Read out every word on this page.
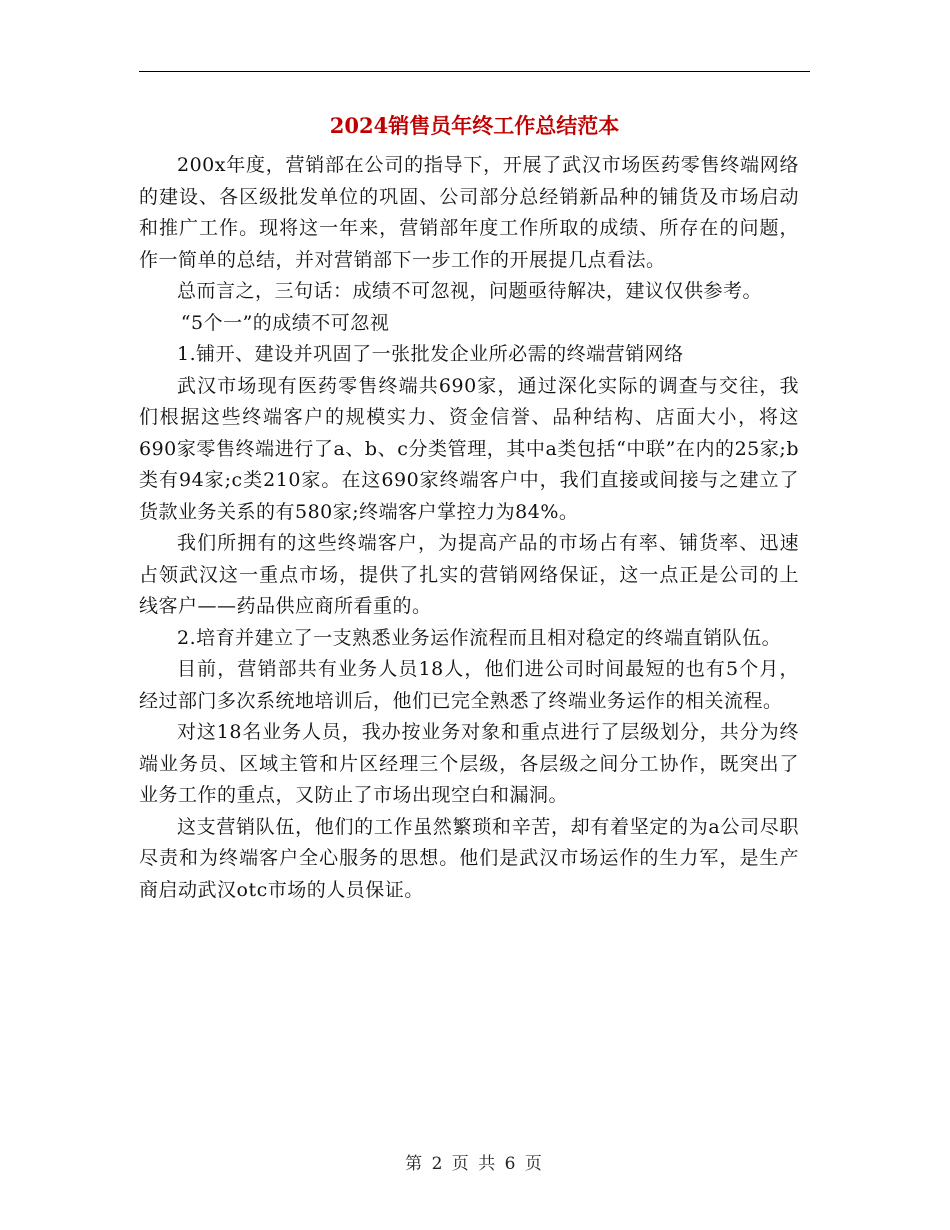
2024销售员年终工作总结范本

200x年度，营销部在公司的指导下，开展了武汉市场医药零售终端网络的建设、各区级批发单位的巩固、公司部分总经销新品种的铺货及市场启动和推广工作。现将这一年来，营销部年度工作所取的成绩、所存在的问题，作一简单的总结，并对营销部下一步工作的开展提几点看法。

总而言之，三句话：成绩不可忽视，问题亟待解决，建议仅供参考。

“5个一”的成绩不可忽视

1.铺开、建设并巩固了一张批发企业所必需的终端营销网络

武汉市场现有医药零售终端共690家，通过深化实际的调查与交往，我们根据这些终端客户的规模实力、资金信誉、品种结构、店面大小，将这690家零售终端进行了a、b、c分类管理，其中a类包括“中联”在内的25家;b类有94家;c类210家。在这690家终端客户中，我们直接或间接与之建立了货款业务关系的有580家;终端客户掌控力为84%。

我们所拥有的这些终端客户，为提高产品的市场占有率、铺货率、迅速占领武汉这一重点市场，提供了扎实的营销网络保证，这一点正是公司的上线客户——药品供应商所看重的。

2.培育并建立了一支熟悉业务运作流程而且相对稳定的终端直销队伍。

目前，营销部共有业务人员18人，他们进公司时间最短的也有5个月，经过部门多次系统地培训后，他们已完全熟悉了终端业务运作的相关流程。

对这18名业务人员，我办按业务对象和重点进行了层级划分，共分为终端业务员、区域主管和片区经理三个层级，各层级之间分工协作，既突出了业务工作的重点，又防止了市场出现空白和漏洞。

这支营销队伍，他们的工作虽然繁琐和辛苦，却有着坚定的为a公司尽职尽责和为终端客户全心服务的思想。他们是武汉市场运作的生力军，是生产商启动武汉otc市场的人员保证。

第 2 页 共 6 页
